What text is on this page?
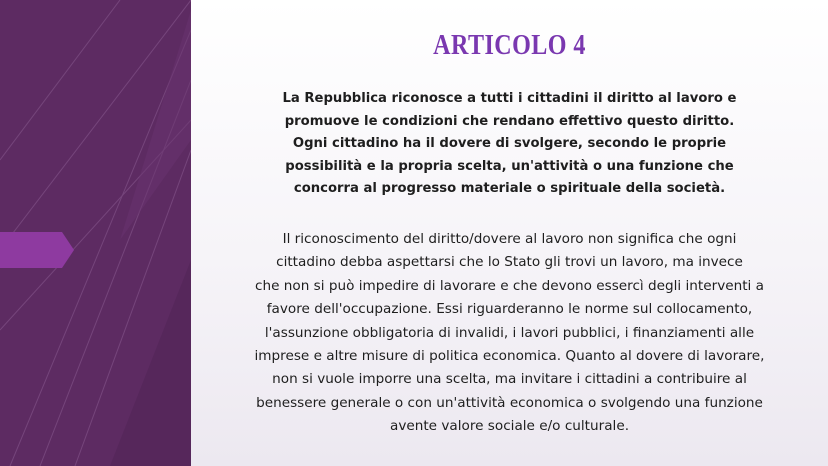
ARTICOLO 4
La Repubblica riconosce a tutti i cittadini il diritto al lavoro e
promuove le condizioni che rendano effettivo questo diritto.
Ogni cittadino ha il dovere di svolgere, secondo le proprie
possibilità e la propria scelta, un'attività o una funzione che
concorra al progresso materiale o spirituale della società.
Il riconoscimento del diritto/dovere al lavoro non significa che ogni
cittadino debba aspettarsi che lo Stato gli trovi un lavoro, ma invece
che non si può impedire di lavorare e che devono essercì degli interventi a
favore dell'occupazione. Essi riguarderanno le norme sul collocamento,
l'assunzione obbligatoria di invalidi, i lavori pubblici, i finanziamenti alle
imprese e altre misure di politica economica. Quanto al dovere di lavorare,
non si vuole imporre una scelta, ma invitare i cittadini a contribuire al
benessere generale o con un'attività economica o svolgendo una funzione
avente valore sociale e/o culturale.
